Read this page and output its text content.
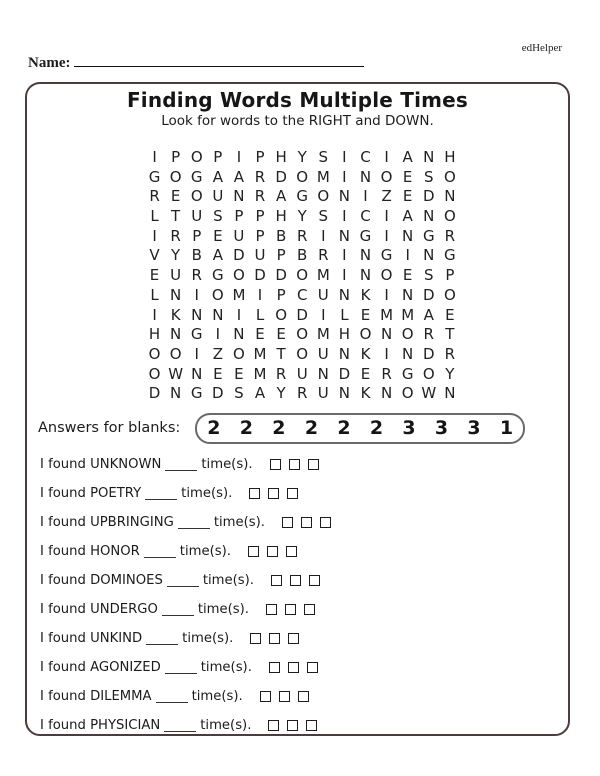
edHelper
Name:
Finding Words Multiple Times
Look for words to the RIGHT and DOWN.
I P O P I P H Y S I C I A N H
G O G A A R D O M I N O E S O
R E O U N R A G O N I Z E D N
L T U S P P H Y S I C I A N O
I R P E U P B R I N G I N G R
V Y B A D U P B R I N G I N G
E U R G O D D O M I N O E S P
L N I O M I P C U N K I N D O
I K N N I L O D I L E M M A E
H N G I N E E O M H O N O R T
O O I Z O M T O U N K I N D R
O W N E E M R U N D E R G O Y
D N G D S A Y R U N K N O W N
Answers for blanks: 2 2 2 2 2 2 3 3 3 1
I found UNKNOWN	time(s).
I found POETRY	time(s).
I found UPBRINGING	time(s).
I found HONOR	time(s).
I found DOMINOES	time(s).
I found UNDERGO	time(s).
I found UNKIND	time(s).
I found AGONIZED	time(s).
I found DILEMMA	time(s).
I found PHYSICIAN	time(s).
